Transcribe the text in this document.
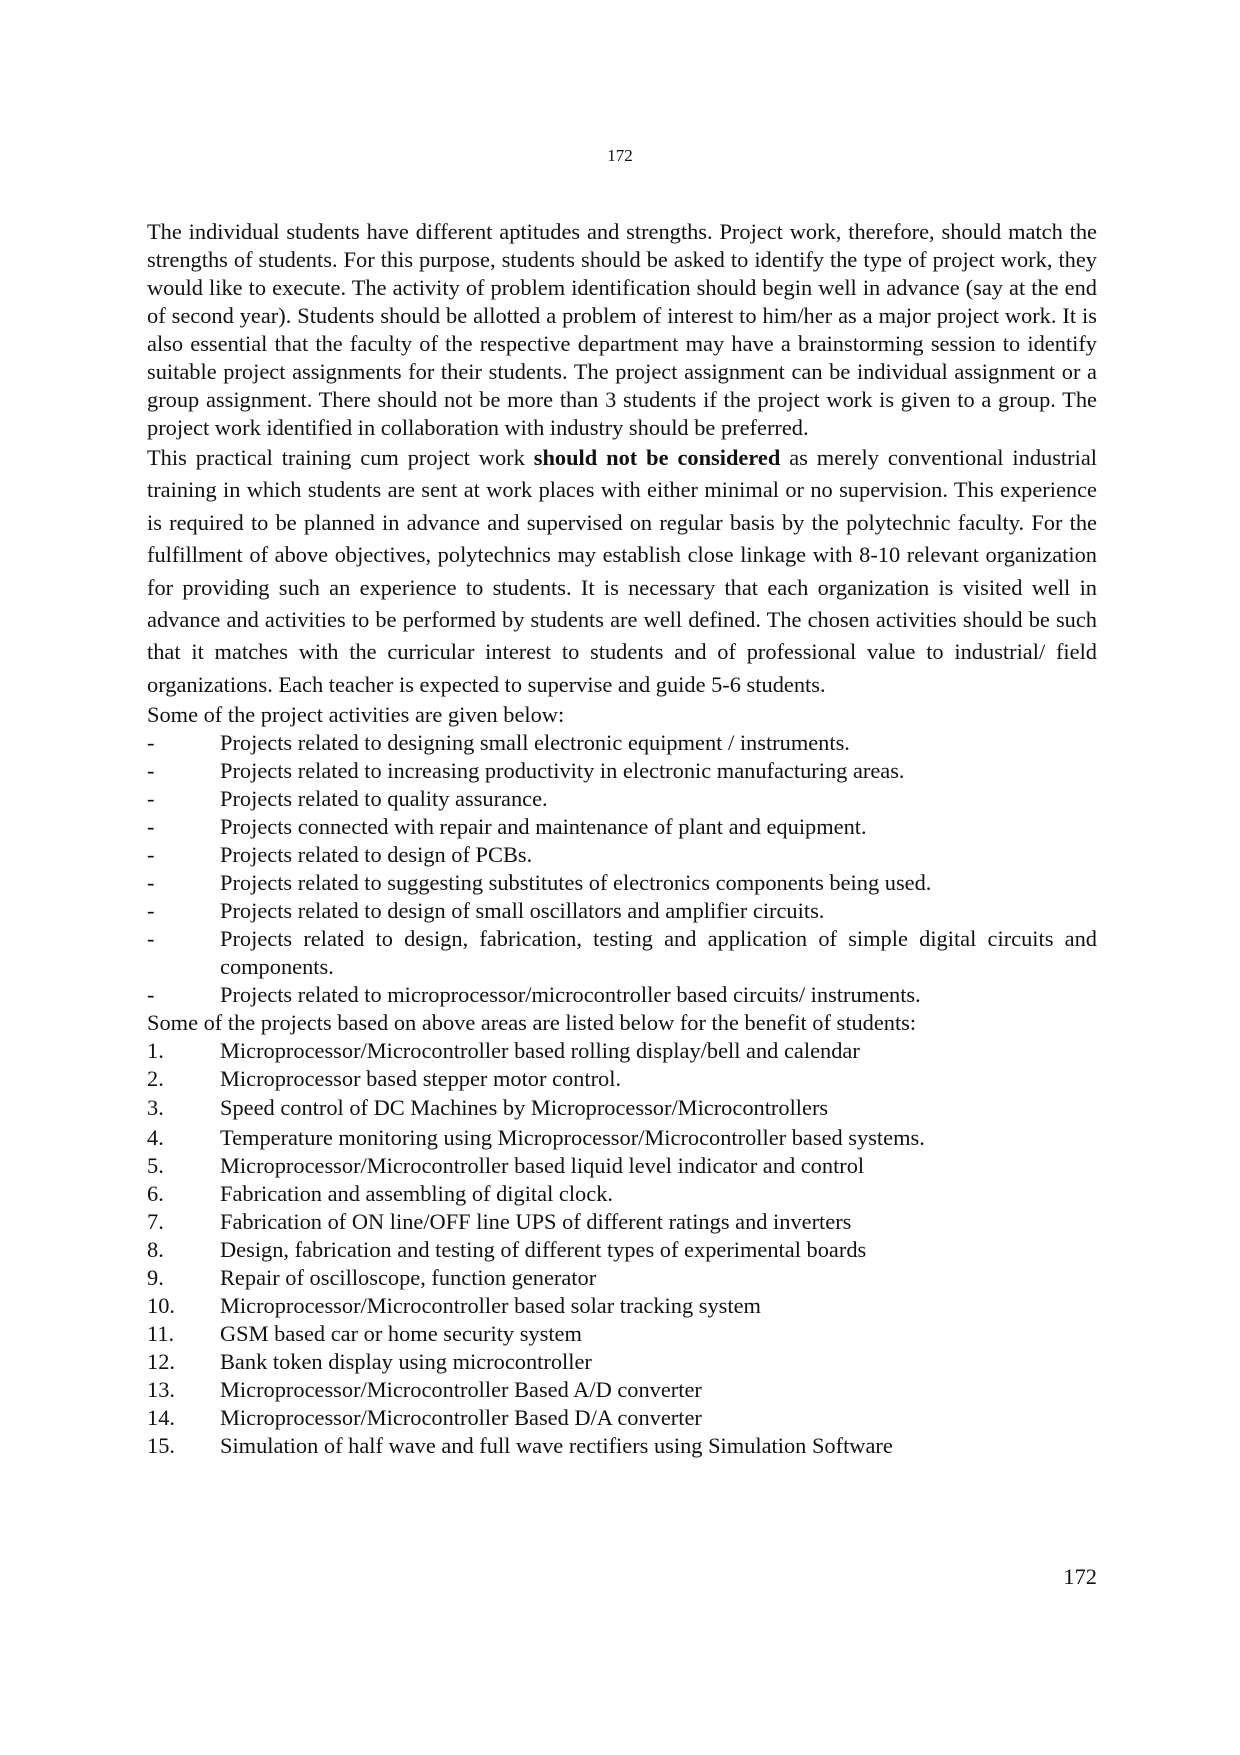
172

The individual students have different aptitudes and strengths. Project work, therefore, should match the strengths of students. For this purpose, students should be asked to identify the type of project work, they would like to execute. The activity of problem identification should begin well in advance (say at the end of second year). Students should be allotted a problem of interest to him/her as a major project work. It is also essential that the faculty of the respective department may have a brainstorming session to identify suitable project assignments for their students. The project assignment can be individual assignment or a group assignment. There should not be more than 3 students if the project work is given to a group. The project work identified in collaboration with industry should be preferred.

This practical training cum project work should not be considered as merely conventional industrial training in which students are sent at work places with either minimal or no supervision. This experience is required to be planned in advance and supervised on regular basis by the polytechnic faculty. For the fulfillment of above objectives, polytechnics may establish close linkage with 8-10 relevant organization for providing such an experience to students. It is necessary that each organization is visited well in advance and activities to be performed by students are well defined. The chosen activities should be such that it matches with the curricular interest to students and of professional value to industrial/ field organizations. Each teacher is expected to supervise and guide 5-6 students.

Some of the project activities are given below:

-	Projects related to designing small electronic equipment / instruments.
-	Projects related to increasing productivity in electronic manufacturing areas.
-	Projects related to quality assurance.
-	Projects connected with repair and maintenance of plant and equipment.
-	Projects related to design of PCBs.
-	Projects related to suggesting substitutes of electronics components being used.
-	Projects related to design of small oscillators and amplifier circuits.
-	Projects related to design, fabrication, testing and application of simple digital circuits and components.
-	Projects related to microprocessor/microcontroller based circuits/ instruments.

Some of the projects based on above areas are listed below for the benefit of students:

1.	Microprocessor/Microcontroller based rolling display/bell and calendar
2.	Microprocessor based stepper motor control.
3.	Speed control of DC Machines by Microprocessor/Microcontrollers
4.	Temperature monitoring using Microprocessor/Microcontroller based systems.
5.	Microprocessor/Microcontroller based liquid level indicator and control
6.	Fabrication and assembling of digital clock.
7.	Fabrication of ON line/OFF line UPS of different ratings and inverters
8.	Design, fabrication and testing of different types of experimental boards
9.	Repair of oscilloscope, function generator
10.	Microprocessor/Microcontroller based solar tracking system
11.	GSM based car or home security system
12.	Bank token display using microcontroller
13.	Microprocessor/Microcontroller Based A/D converter
14.	Microprocessor/Microcontroller Based D/A converter
15.	Simulation of half wave and full wave rectifiers using Simulation Software
172
